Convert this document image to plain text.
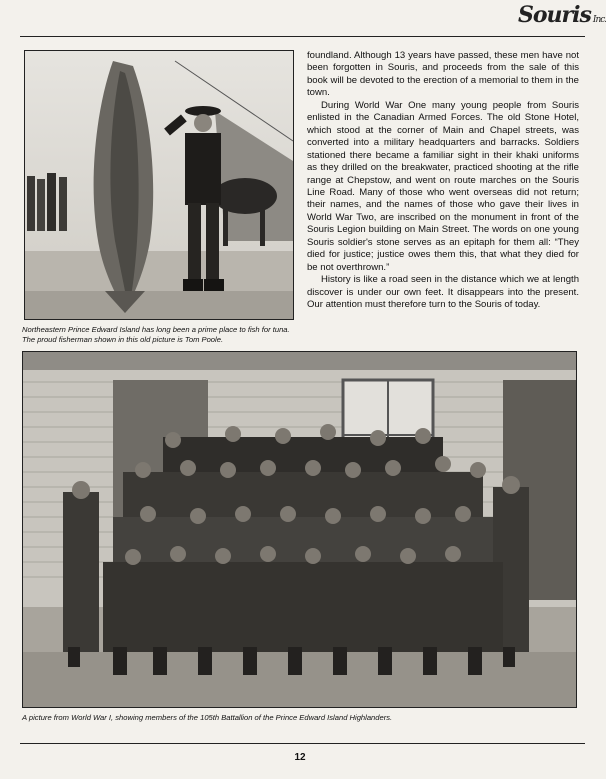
Souris Inc.
Northeastern Prince Edward Island has long been a prime place to fish for tuna. The proud fisherman shown in this old picture is Tom Poole.

foundland. Although 13 years have passed, these men have not been forgotten in Souris, and proceeds from the sale of this book will be devoted to the erection of a memorial to them in the town.

During World War One many young people from Souris enlisted in the Canadian Armed Forces. The old Stone Hotel, which stood at the corner of Main and Chapel streets, was converted into a military headquarters and barracks. Soldiers stationed there became a familiar sight in their khaki uniforms as they drilled on the breakwater, practiced shooting at the rifle range at Chepstow, and went on route marches on the Souris Line Road. Many of those who went overseas did not return; their names, and the names of those who gave their lives in World War Two, are inscribed on the monument in front of the Souris Legion building on Main Street. The words on one young Souris soldier's stone serves as an epitaph for them all: “They died for justice; justice owes them this, that what they died for be not overthrown.”

History is like a road seen in the distance which we at length discover is under our own feet. It disappears into the present. Our attention must therefore turn to the Souris of today.

A picture from World War I, showing members of the 105th Battallion of the Prince Edward Island Highlanders.
12
